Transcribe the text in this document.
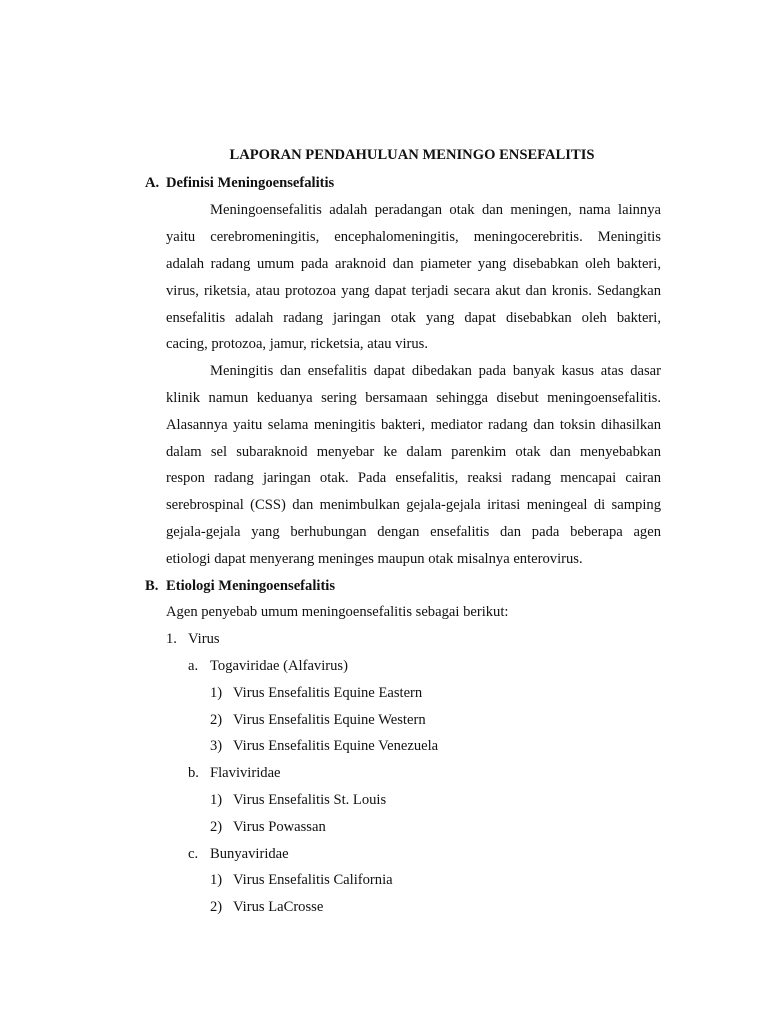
LAPORAN PENDAHULUAN MENINGO ENSEFALITIS
A. Definisi Meningoensefalitis
Meningoensefalitis adalah peradangan otak dan meningen, nama lainnya
yaitu cerebromeningitis, encephalomeningitis, meningocerebritis. Meningitis
adalah radang umum pada araknoid dan piameter yang disebabkan oleh bakteri,
virus, riketsia, atau protozoa yang dapat terjadi secara akut dan kronis. Sedangkan
ensefalitis adalah radang jaringan otak yang dapat disebabkan oleh bakteri,
cacing, protozoa, jamur, ricketsia, atau virus.
Meningitis dan ensefalitis dapat dibedakan pada banyak kasus atas dasar
klinik namun keduanya sering bersamaan sehingga disebut meningoensefalitis.
Alasannya yaitu selama meningitis bakteri, mediator radang dan toksin dihasilkan
dalam sel subaraknoid menyebar ke dalam parenkim otak dan menyebabkan
respon radang jaringan otak. Pada ensefalitis, reaksi radang mencapai cairan
serebrospinal (CSS) dan menimbulkan gejala-gejala iritasi meningeal di samping
gejala-gejala yang berhubungan dengan ensefalitis dan pada beberapa agen
etiologi dapat menyerang meninges maupun otak misalnya enterovirus.
B. Etiologi Meningoensefalitis
Agen penyebab umum meningoensefalitis sebagai berikut:
1. Virus
a. Togaviridae (Alfavirus)
1) Virus Ensefalitis Equine Eastern
2) Virus Ensefalitis Equine Western
3) Virus Ensefalitis Equine Venezuela
b. Flaviviridae
1) Virus Ensefalitis St. Louis
2) Virus Powassan
c. Bunyaviridae
1) Virus Ensefalitis California
2) Virus LaCrosse
